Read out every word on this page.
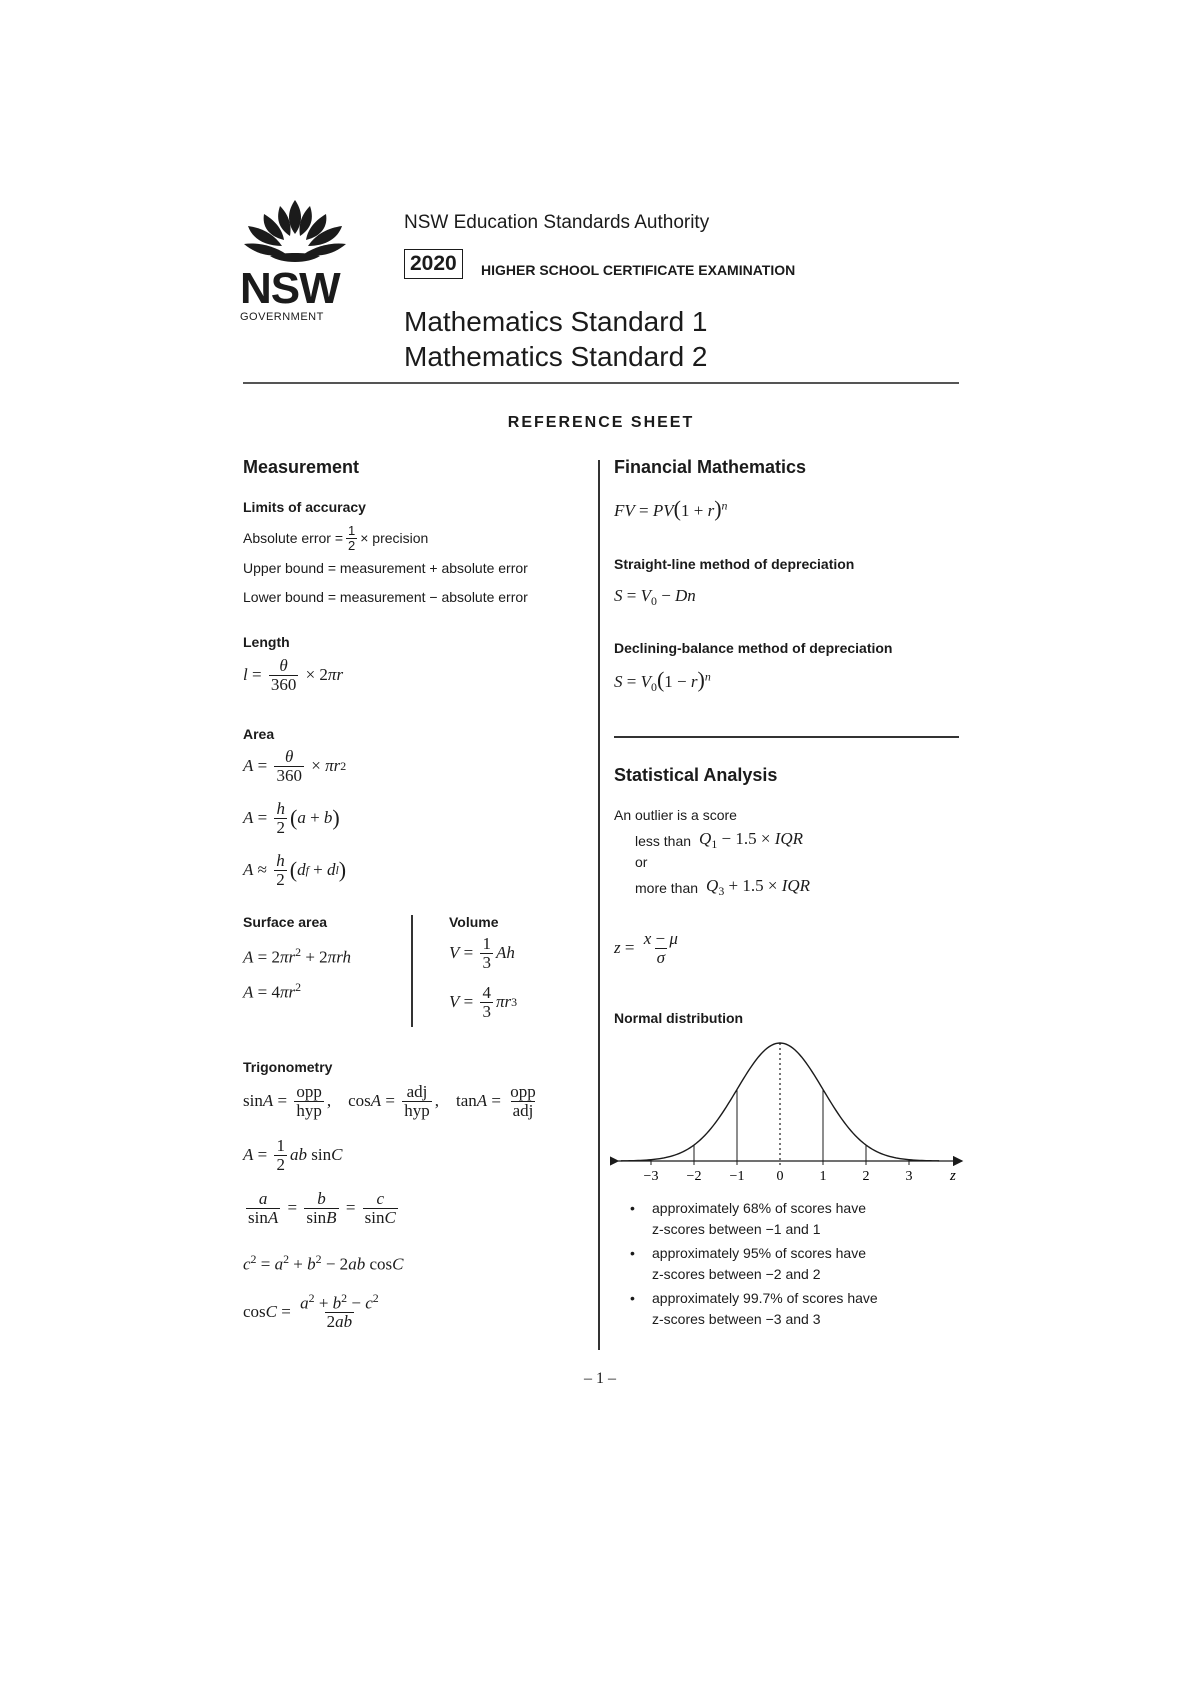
NSW
GOVERNMENT
NSW Education Standards Authority
2020	HIGHER SCHOOL CERTIFICATE EXAMINATION
Mathematics Standard 1
Mathematics Standard 2
REFERENCE SHEET
Measurement
Limits of accuracy
Absolute error = $\frac{1}{2}$ × precision
Upper bound = measurement + absolute error
Lower bound = measurement − absolute error
Length
$l = \frac{\theta}{360} \times 2$ πr
Area
$A = \frac{\theta}{360} \times \pi r$ 2
$A = \frac{h}{2}$ ( a + b )
$A \approx \frac{h}{2}$ ( d f + d l )
Surface area
$A = 2\pi r^2 + 2\pi rh$
$A = 4\pi r^2$
Volume
$V = \frac{1}{3}$ Ah
$V = \frac{4}{3}$ πr 3
Trigonometry
$\sin A = \frac{\text{opp}}{\text{hyp}}$ ,    $\cos A = \frac{\text{adj}}{\text{hyp}}$ ,    $\tan A = \frac{\text{opp}}{\text{adj}}$
$A = \frac{1}{2}$ ab sin C
$\frac{a}{\sin A} = \frac{b}{\sin B} = \frac{c}{\sin C}$
$c^2 = a^2 + b^2 - 2ab$ cosC
$\cos C = \frac{a^2 + b^2 - c^2}{2ab}$
Financial Mathematics
FV = $PV(1 + r)^n$
Straight-line method of depreciation
$S = V_0 - Dn$
Declining-balance method of depreciation
$S = V_0(1 - r)^n$
Statistical Analysis
An outlier is a score
less than $Q_1 - 1.5$ × IQR
or
more than $Q_3 + 1.5$ × IQR
$z = \frac{x - \mu}{\sigma}$
Normal distribution
−3 −2 −1 0	1	2	3	z
•	approximately 68% of scores have
z-scores between −1 and 1
•	approximately 95% of scores have
z-scores between −2 and 2
•	approximately 99.7% of scores have
z-scores between −3 and 3
– 1 –
